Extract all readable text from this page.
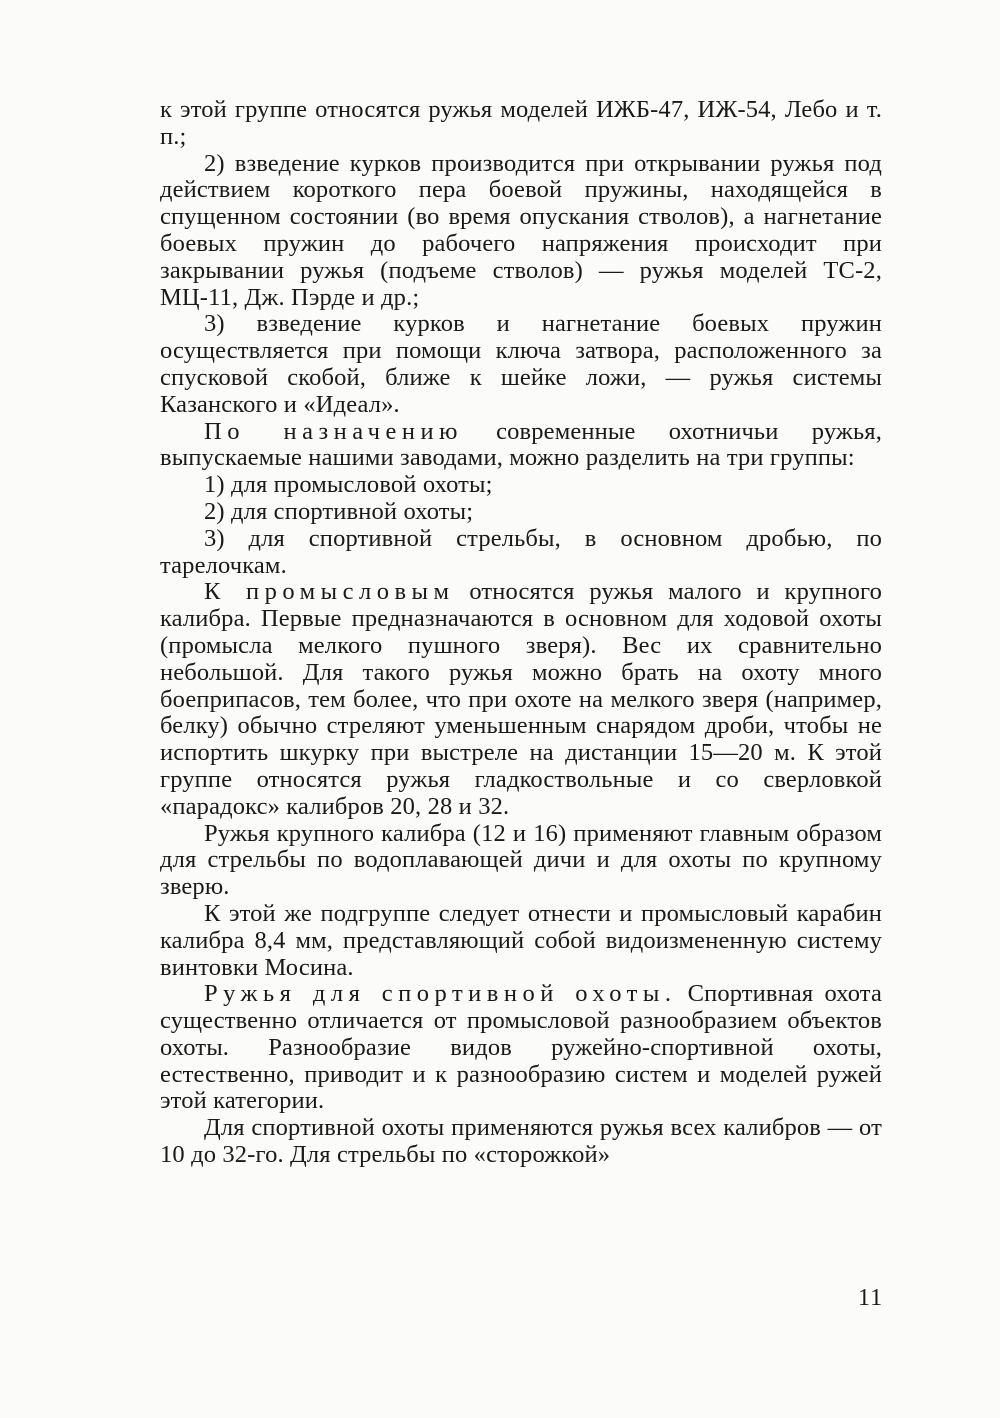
к этой группе относятся ружья моделей ИЖБ-47, ИЖ-54, Лебо и т. п.;

2) взведение курков производится при открывании ружья под действием короткого пера боевой пружины, находящейся в спущенном состоянии (во время опускания стволов), а нагнетание боевых пружин до рабочего напряжения происходит при закрывании ружья (подъеме стволов) — ружья моделей ТС-2, МЦ-11, Дж. Пэрде и др.;

3) взведение курков и нагнетание боевых пружин осуществляется при помощи ключа затвора, расположенного за спусковой скобой, ближе к шейке ложи, — ружья системы Казанского и «Идеал».

По назначению современные охотничьи ружья, выпускаемые нашими заводами, можно разделить на три группы:

1) для промысловой охоты;

2) для спортивной охоты;

3) для спортивной стрельбы, в основном дробью, по тарелочкам.

К промысловым относятся ружья малого и крупного калибра. Первые предназначаются в основном для ходовой охоты (промысла мелкого пушного зверя). Вес их сравнительно небольшой. Для такого ружья можно брать на охоту много боеприпасов, тем более, что при охоте на мелкого зверя (например, белку) обычно стреляют уменьшенным снарядом дроби, чтобы не испортить шкурку при выстреле на дистанции 15—20 м. К этой группе относятся ружья гладкоствольные и со сверловкой «парадокс» калибров 20, 28 и 32.

Ружья крупного калибра (12 и 16) применяют главным образом для стрельбы по водоплавающей дичи и для охоты по крупному зверю.

К этой же подгруппе следует отнести и промысловый карабин калибра 8,4 мм, представляющий собой видоизмененную систему винтовки Мосина.

Ружья для спортивной охоты. Спортивная охота существенно отличается от промысловой разнообразием объектов охоты. Разнообразие видов ружейно-спортивной охоты, естественно, приводит и к разнообразию систем и моделей ружей этой категории.

Для спортивной охоты применяются ружья всех калибров — от 10 до 32-го. Для стрельбы по «сторожкой»

11
